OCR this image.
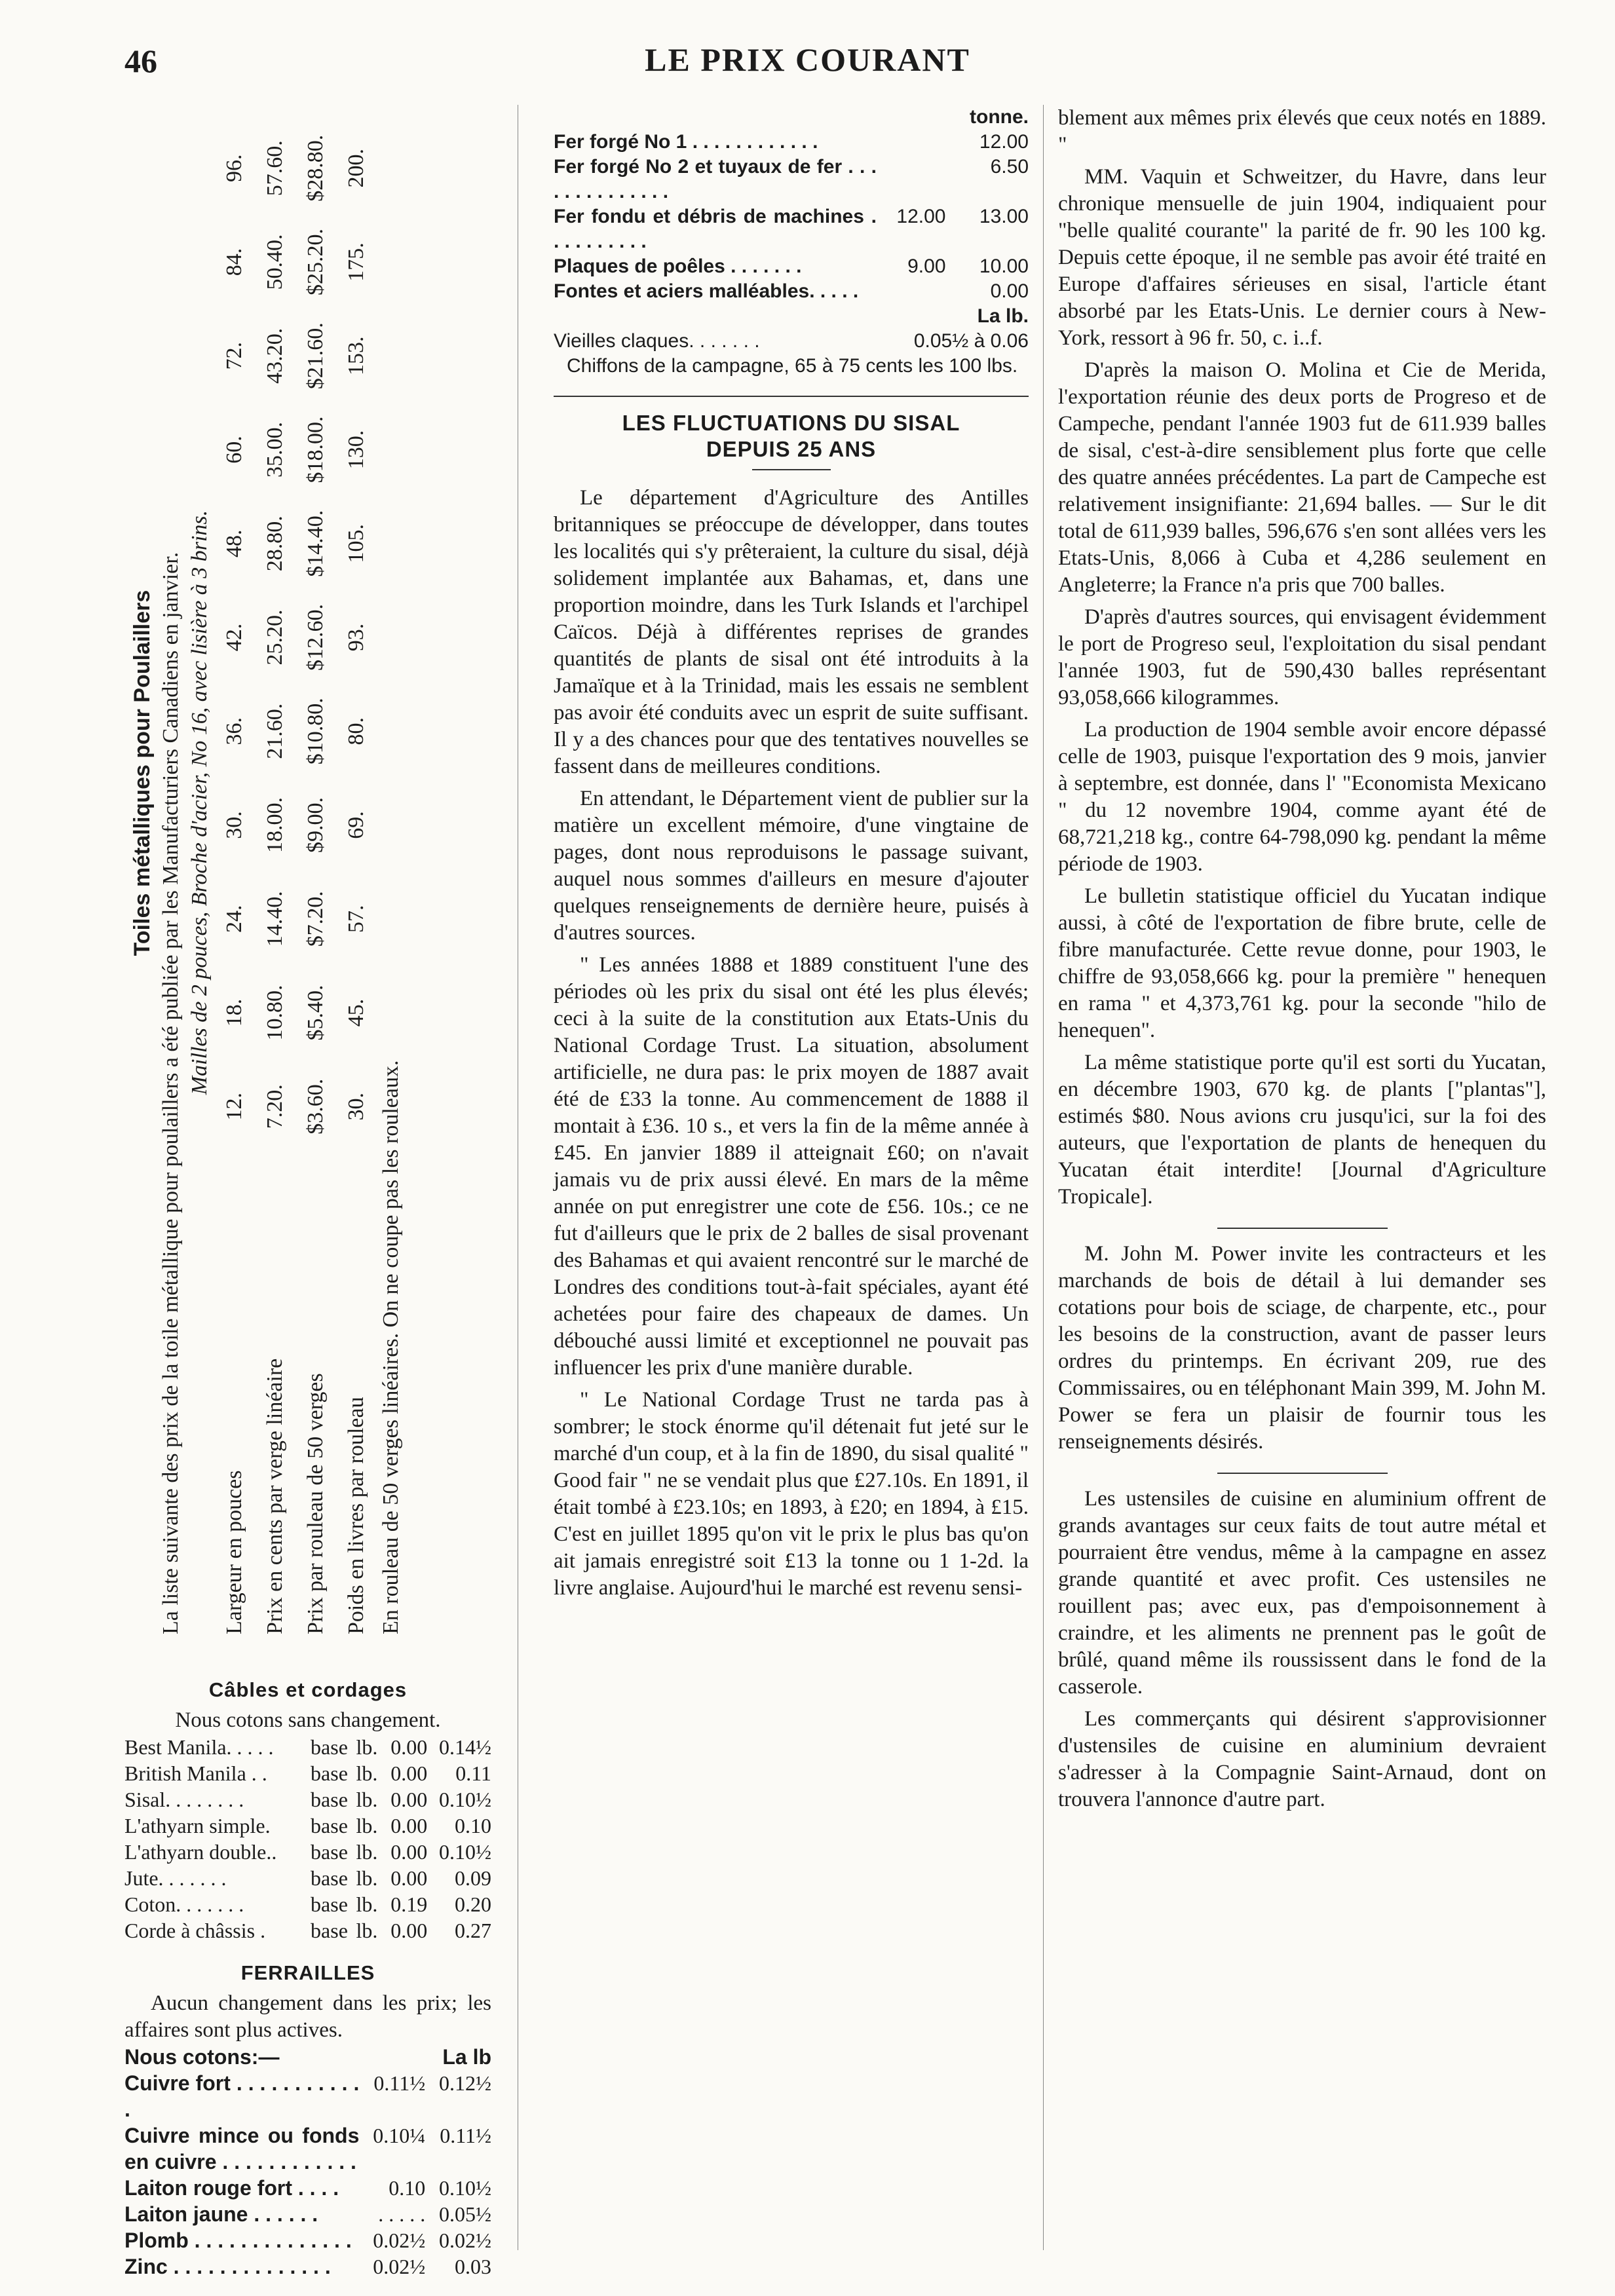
46	LE PRIX COURANT
Toiles métalliques pour Poulaillers La liste suivante des prix de la toile métallique pour poulaillers a été publiée par les Manufacturiers Canadiens en janvier. Mailles de 2 pouces, Broche d'acier, No 16, avec lisière à 3 brins.
Largeur en pouces
12.
18.
24.
30.
36.
42.
48.
60.
72.
84.
96.
Prix en cents par verge linéaire
7.20.
10.80.
14.40.
18.00.
21.60.
25.20.
28.80.
35.00.
43.20.
50.40.
57.60.
Prix par rouleau de 50 verges
$3.60.
$5.40.
$7.20.
$9.00.
$10.80.
$12.60.
$14.40.
$18.00.
$21.60.
$25.20.
$28.80.
Poids en livres par rouleau
30.
45.
57.
69.
80.
93.
105.
130.
153.
175.
200.
En rouleau de 50 verges linéaires. On ne coupe pas les rouleaux.
Câbles et cordages
Nous cotons sans changement.
Best Manila. . . . .	base	lb.	0.00	0.14½
British Manila . .	base	lb.	0.00	0.11
Sisal. . . . . . . .	base	lb.	0.00	0.10½
L'athyarn simple.	base	lb.	0.00	0.10
L'athyarn double..	base	lb.	0.00	0.10½
Jute. . . . . . .	base	lb.	0.00	0.09
Coton. . . . . . .	base	lb.	0.19	0.20
Corde à châssis .	base	lb.	0.00	0.27
FERRAILLES
Aucun changement dans les prix; les affaires sont plus actives.
Nous cotons:—		La lb
Cuivre fort . . . . . . . . . . . .	0.11½	0.12½
Cuivre mince ou fonds en cuivre . . . . . . . . . . . .	0.10¼	0.11½
Laiton rouge fort . . . .	0.10	0.10½
Laiton jaune . . . . . .	. . . . .	0.05½
Plomb . . . . . . . . . . . . . .	0.02½	0.02½
Zinc . . . . . . . . . . . . . .	0.02½	0.03
		tonne.
Fer forgé No 1 . . . . . . . . . . . .		12.00
Fer forgé No 2 et tuyaux de fer . . . . . . . . . . . . . .		6.50
Fer fondu et débris de machines . . . . . . . . . .	12.00	13.00
Plaques de poêles . . . . . . .	9.00	10.00
Fontes et aciers malléables. . . . .		0.00
		La lb.
Vieilles claques. . . . . . .	0.05½ à 0.06	
Chiffons de la campagne, 65 à 75 cents les 100 lbs.
LES FLUCTUATIONS DU SISAL
DEPUIS 25 ANS

Le département d'Agriculture des Antilles britanniques se préoccupe de développer, dans toutes les localités qui s'y prêteraient, la culture du sisal, déjà solidement implantée aux Bahamas, et, dans une proportion moindre, dans les Turk Islands et l'archipel Caïcos. Déjà à différentes reprises de grandes quantités de plants de sisal ont été introduits à la Jamaïque et à la Trinidad, mais les essais ne semblent pas avoir été conduits avec un esprit de suite suffisant. Il y a des chances pour que des tentatives nouvelles se fassent dans de meilleures conditions.

En attendant, le Département vient de publier sur la matière un excellent mémoire, d'une vingtaine de pages, dont nous reproduisons le passage suivant, auquel nous sommes d'ailleurs en mesure d'ajouter quelques renseignements de dernière heure, puisés à d'autres sources.

" Les années 1888 et 1889 constituent l'une des périodes où les prix du sisal ont été les plus élevés; ceci à la suite de la constitution aux Etats-Unis du National Cordage Trust. La situation, absolument artificielle, ne dura pas: le prix moyen de 1887 avait été de £33 la tonne. Au commencement de 1888 il montait à £36. 10 s., et vers la fin de la même année à £45. En janvier 1889 il atteignait £60; on n'avait jamais vu de prix aussi élevé. En mars de la même année on put enregistrer une cote de £56. 10s.; ce ne fut d'ailleurs que le prix de 2 balles de sisal provenant des Bahamas et qui avaient rencontré sur le marché de Londres des conditions tout-à-fait spéciales, ayant été achetées pour faire des chapeaux de dames. Un débouché aussi limité et exceptionnel ne pouvait pas influencer les prix d'une manière durable.

" Le National Cordage Trust ne tarda pas à sombrer; le stock énorme qu'il détenait fut jeté sur le marché d'un coup, et à la fin de 1890, du sisal qualité " Good fair " ne se vendait plus que £27.10s. En 1891, il était tombé à £23.10s; en 1893, à £20; en 1894, à £15. C'est en juillet 1895 qu'on vit le prix le plus bas qu'on ait jamais enregistré soit £13 la tonne ou 1 1-2d. la livre anglaise. Aujourd'hui le marché est revenu sensi-

blement aux mêmes prix élevés que ceux notés en 1889. "

MM. Vaquin et Schweitzer, du Havre, dans leur chronique mensuelle de juin 1904, indiquaient pour "belle qualité courante" la parité de fr. 90 les 100 kg. Depuis cette époque, il ne semble pas avoir été traité en Europe d'affaires sérieuses en sisal, l'article étant absorbé par les Etats-Unis. Le dernier cours à New-York, ressort à 96 fr. 50, c. i..f.

D'après la maison O. Molina et Cie de Merida, l'exportation réunie des deux ports de Progreso et de Campeche, pendant l'année 1903 fut de 611.939 balles de sisal, c'est-à-dire sensiblement plus forte que celle des quatre années précédentes. La part de Campeche est relativement insignifiante: 21,694 balles. — Sur le dit total de 611,939 balles, 596,676 s'en sont allées vers les Etats-Unis, 8,066 à Cuba et 4,286 seulement en Angleterre; la France n'a pris que 700 balles.

D'après d'autres sources, qui envisagent évidemment le port de Progreso seul, l'exploitation du sisal pendant l'année 1903, fut de 590,430 balles représentant 93,058,666 kilogrammes.

La production de 1904 semble avoir encore dépassé celle de 1903, puisque l'exportation des 9 mois, janvier à septembre, est donnée, dans l' "Economista Mexicano " du 12 novembre 1904, comme ayant été de 68,721,218 kg., contre 64-798,090 kg. pendant la même période de 1903.

Le bulletin statistique officiel du Yucatan indique aussi, à côté de l'exportation de fibre brute, celle de fibre manufacturée. Cette revue donne, pour 1903, le chiffre de 93,058,666 kg. pour la première " henequen en rama " et 4,373,761 kg. pour la seconde "hilo de henequen".

La même statistique porte qu'il est sorti du Yucatan, en décembre 1903, 670 kg. de plants ["plantas"], estimés $80. Nous avions cru jusqu'ici, sur la foi des auteurs, que l'exportation de plants de henequen du Yucatan était interdite! [Journal d'Agriculture Tropicale].

M. John M. Power invite les contracteurs et les marchands de bois de détail à lui demander ses cotations pour bois de sciage, de charpente, etc., pour les besoins de la construction, avant de passer leurs ordres du printemps. En écrivant 209, rue des Commissaires, ou en téléphonant Main 399, M. John M. Power se fera un plaisir de fournir tous les renseignements désirés.

Les ustensiles de cuisine en aluminium offrent de grands avantages sur ceux faits de tout autre métal et pourraient être vendus, même à la campagne en assez grande quantité et avec profit. Ces ustensiles ne rouillent pas; avec eux, pas d'empoisonnement à craindre, et les aliments ne prennent pas le goût de brûlé, quand même ils roussissent dans le fond de la casserole.

Les commerçants qui désirent s'approvisionner d'ustensiles de cuisine en aluminium devraient s'adresser à la Compagnie Saint-Arnaud, dont on trouvera l'annonce d'autre part.
